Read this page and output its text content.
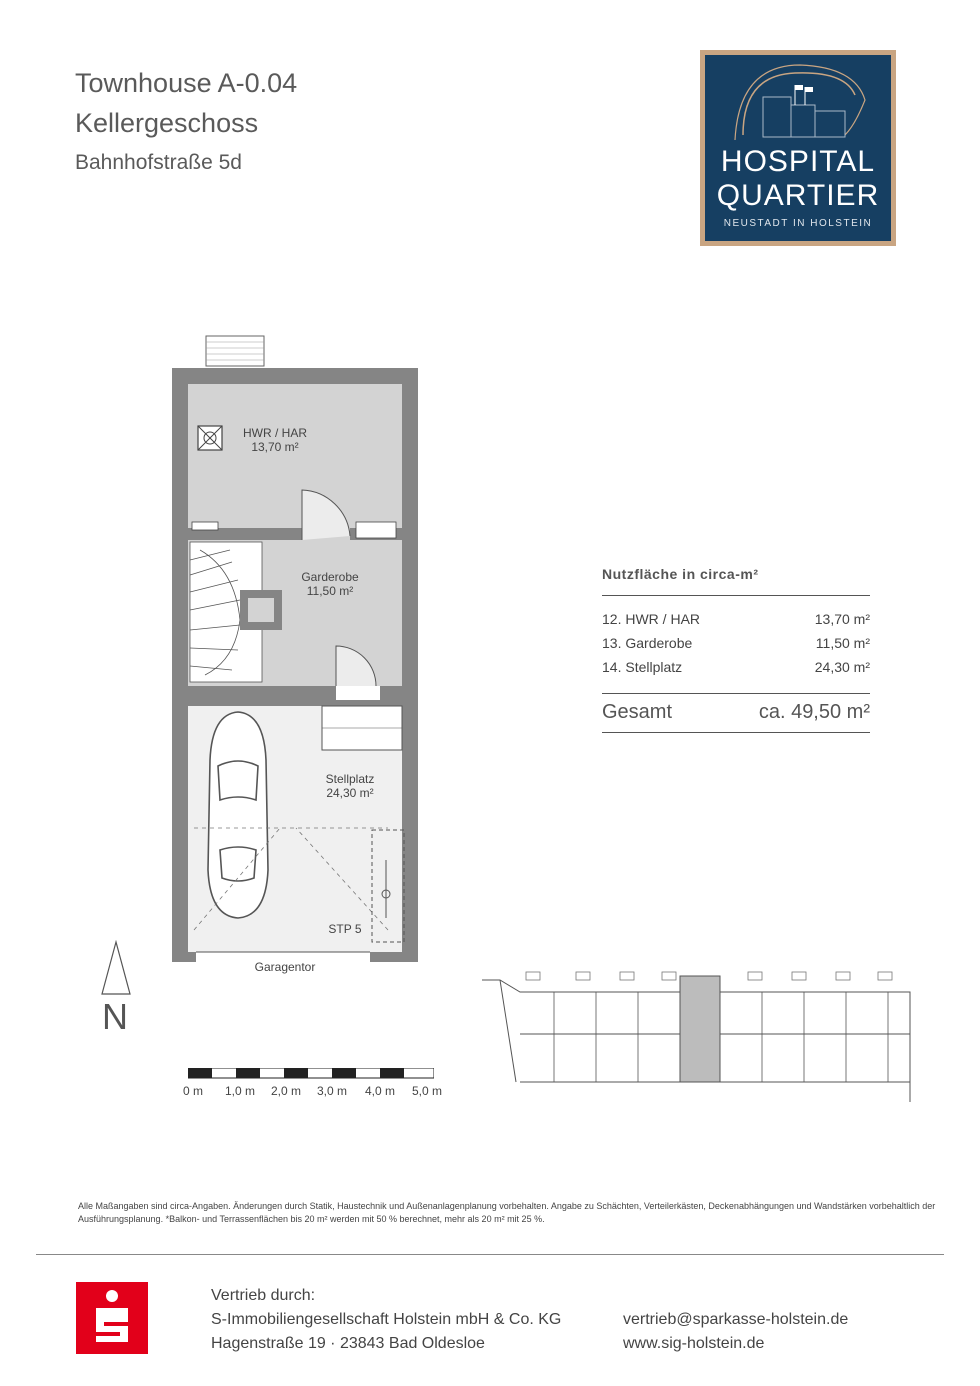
Townhouse A-0.04
Kellergeschoss
Bahnhofstraße 5d	HOSPITAL
QUARTIER
NEUSTADT IN HOLSTEIN
HWR / HAR
13,70 m²
Garderobe
11,50 m²
Stellplatz
24,30 m²
STP 5
Garagentor
N
0 m 1,0 m 2,0 m 3,0 m 4,0 m 5,0 m
Nutzfläche in circa-m²
12. HWR / HAR	13,70 m²
13. Garderobe	11,50 m²
14. Stellplatz	24,30 m²
Gesamt	ca. 49,50 m²
Alle Maßangaben sind circa-Angaben. Änderungen durch Statik, Haustechnik und Außenanlagenplanung vorbehalten. Angabe zu Schächten, Verteilerkästen, Deckenabhängungen und Wandstärken vorbehaltlich der Ausführungsplanung. *Balkon- und Terrassenflächen bis 20 m² werden mit 50 % berechnet, mehr als 20 m² mit 25 %.
Vertrieb durch:
S-Immobiliengesellschaft Holstein mbH & Co. KG
Hagenstraße 19 · 23843 Bad Oldesloe
vertrieb@sparkasse-holstein.de
www.sig-holstein.de
